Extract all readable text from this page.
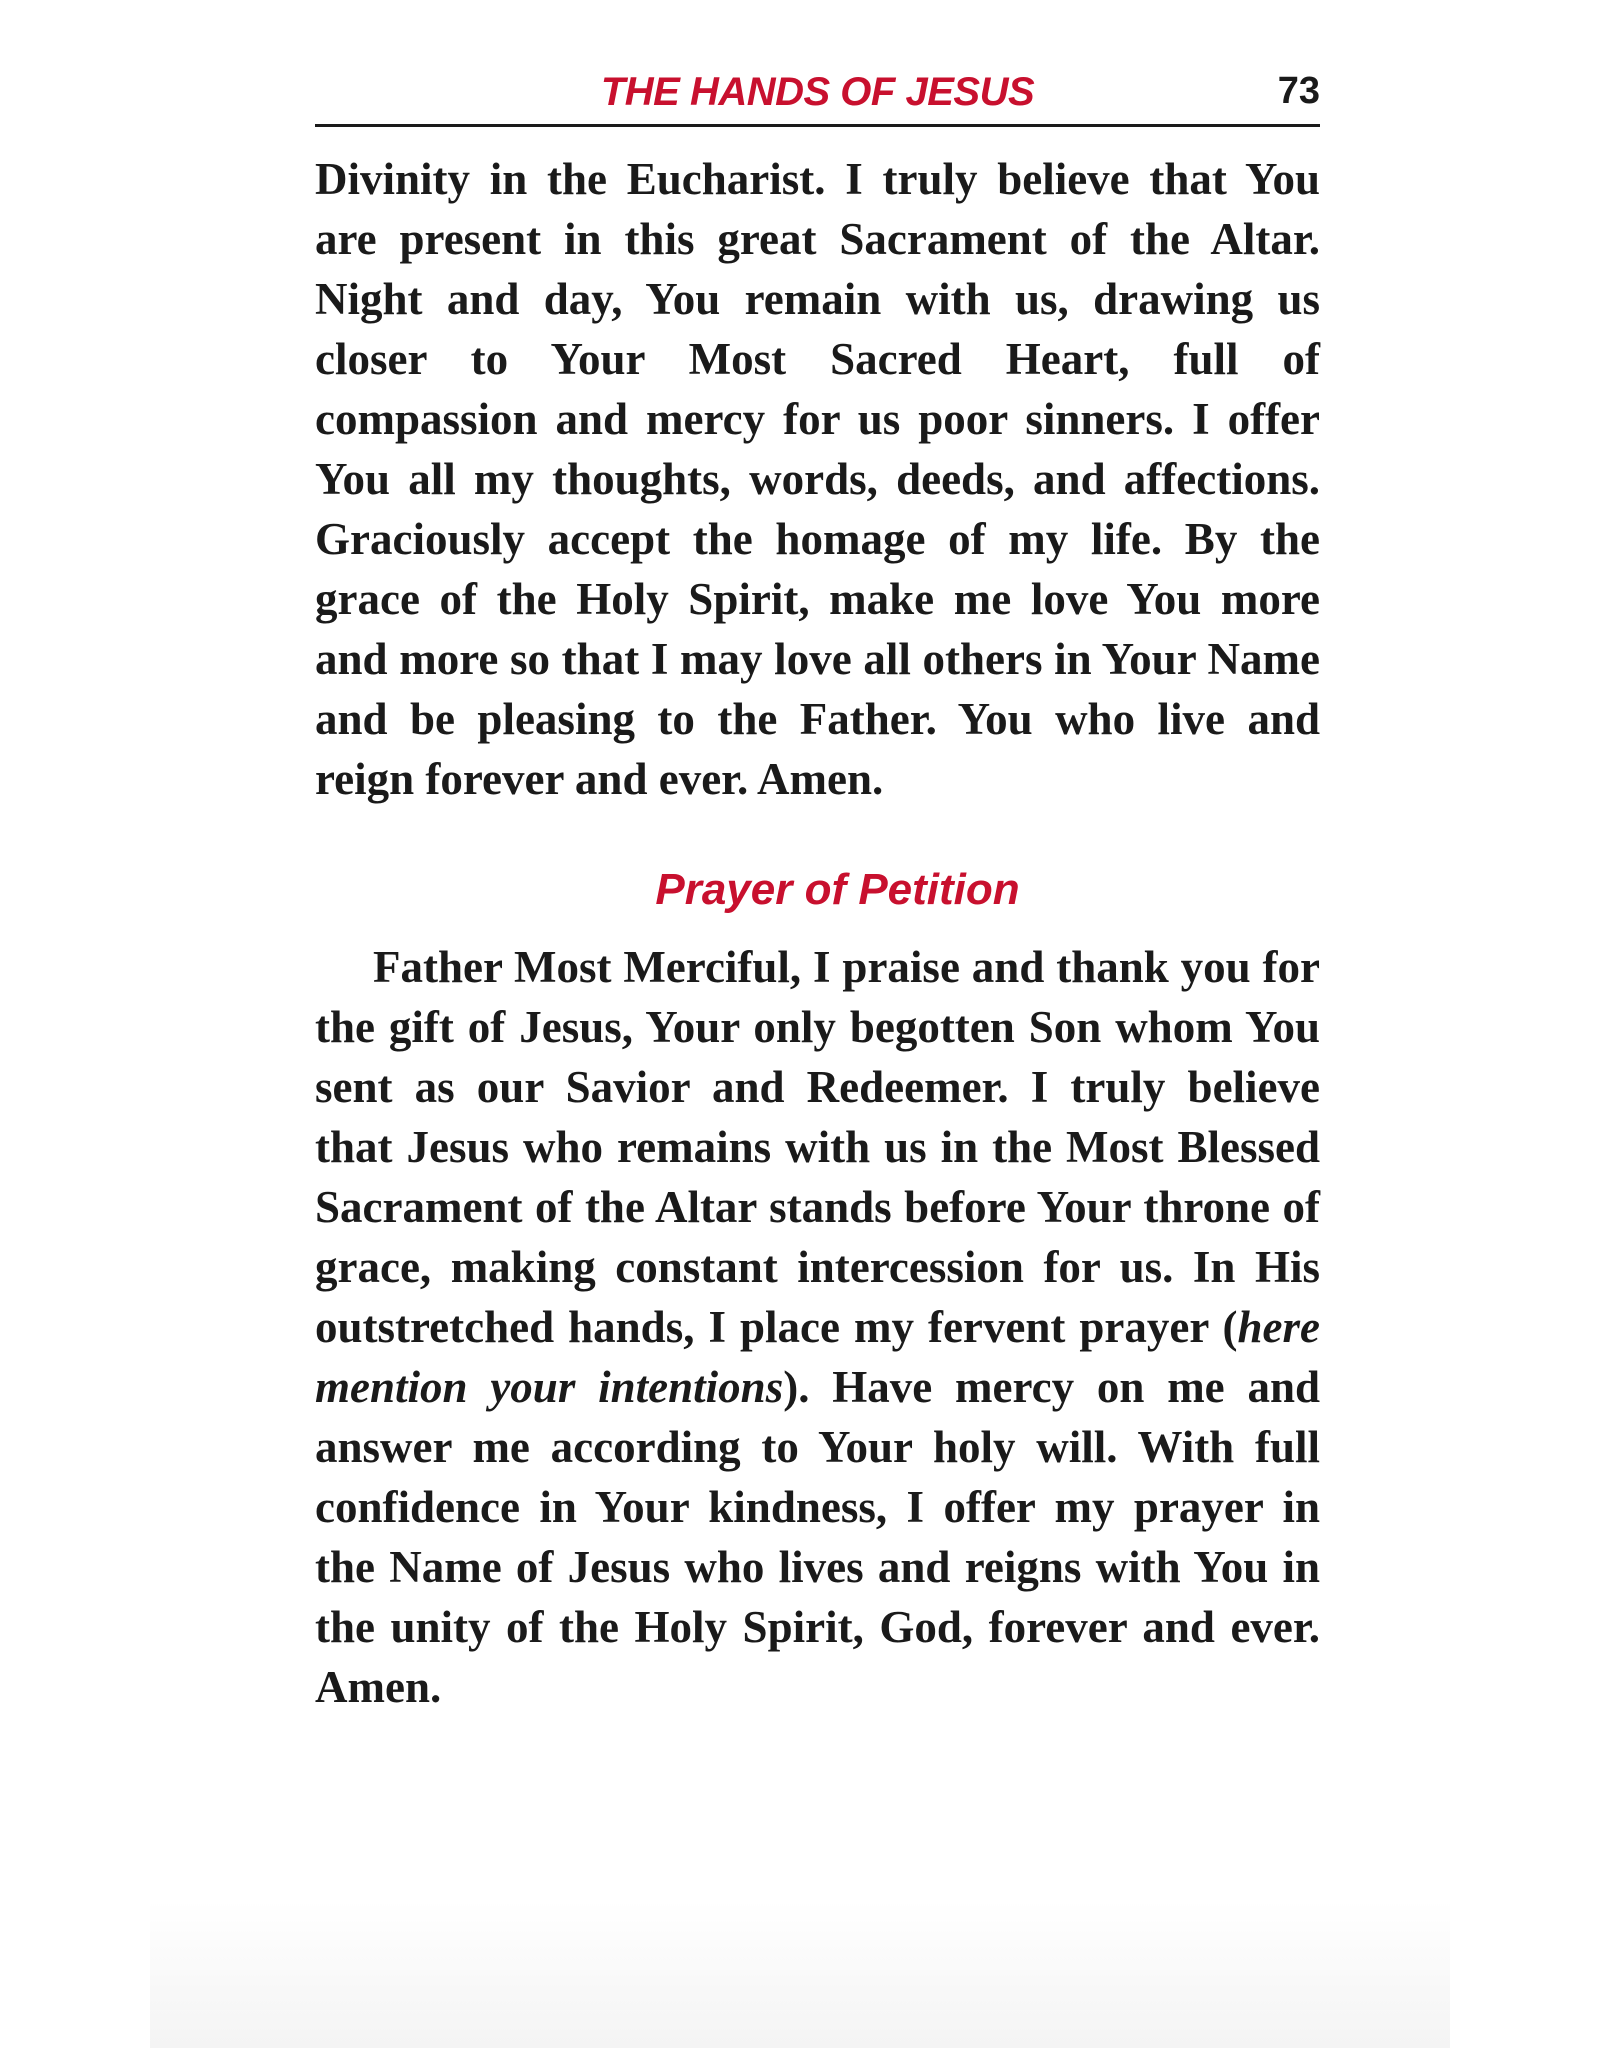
THE HANDS OF JESUS	73

Divinity in the Eucharist. I truly believe that You are present in this great Sacrament of the Altar. Night and day, You remain with us, drawing us closer to Your Most Sacred Heart, full of compassion and mercy for us poor sinners. I offer You all my thoughts, words, deeds, and affections. Graciously accept the homage of my life. By the grace of the Holy Spirit, make me love You more and more so that I may love all others in Your Name and be pleasing to the Father. You who live and reign forever and ever. Amen.

Prayer of Petition

Father Most Merciful, I praise and thank you for the gift of Jesus, Your only begotten Son whom You sent as our Savior and Redeemer. I truly believe that Jesus who remains with us in the Most Blessed Sacrament of the Altar stands before Your throne of grace, making constant intercession for us. In His outstretched hands, I place my fervent prayer (here mention your intentions). Have mercy on me and answer me according to Your holy will. With full confidence in Your kindness, I offer my prayer in the Name of Jesus who lives and reigns with You in the unity of the Holy Spirit, God, forever and ever. Amen.
